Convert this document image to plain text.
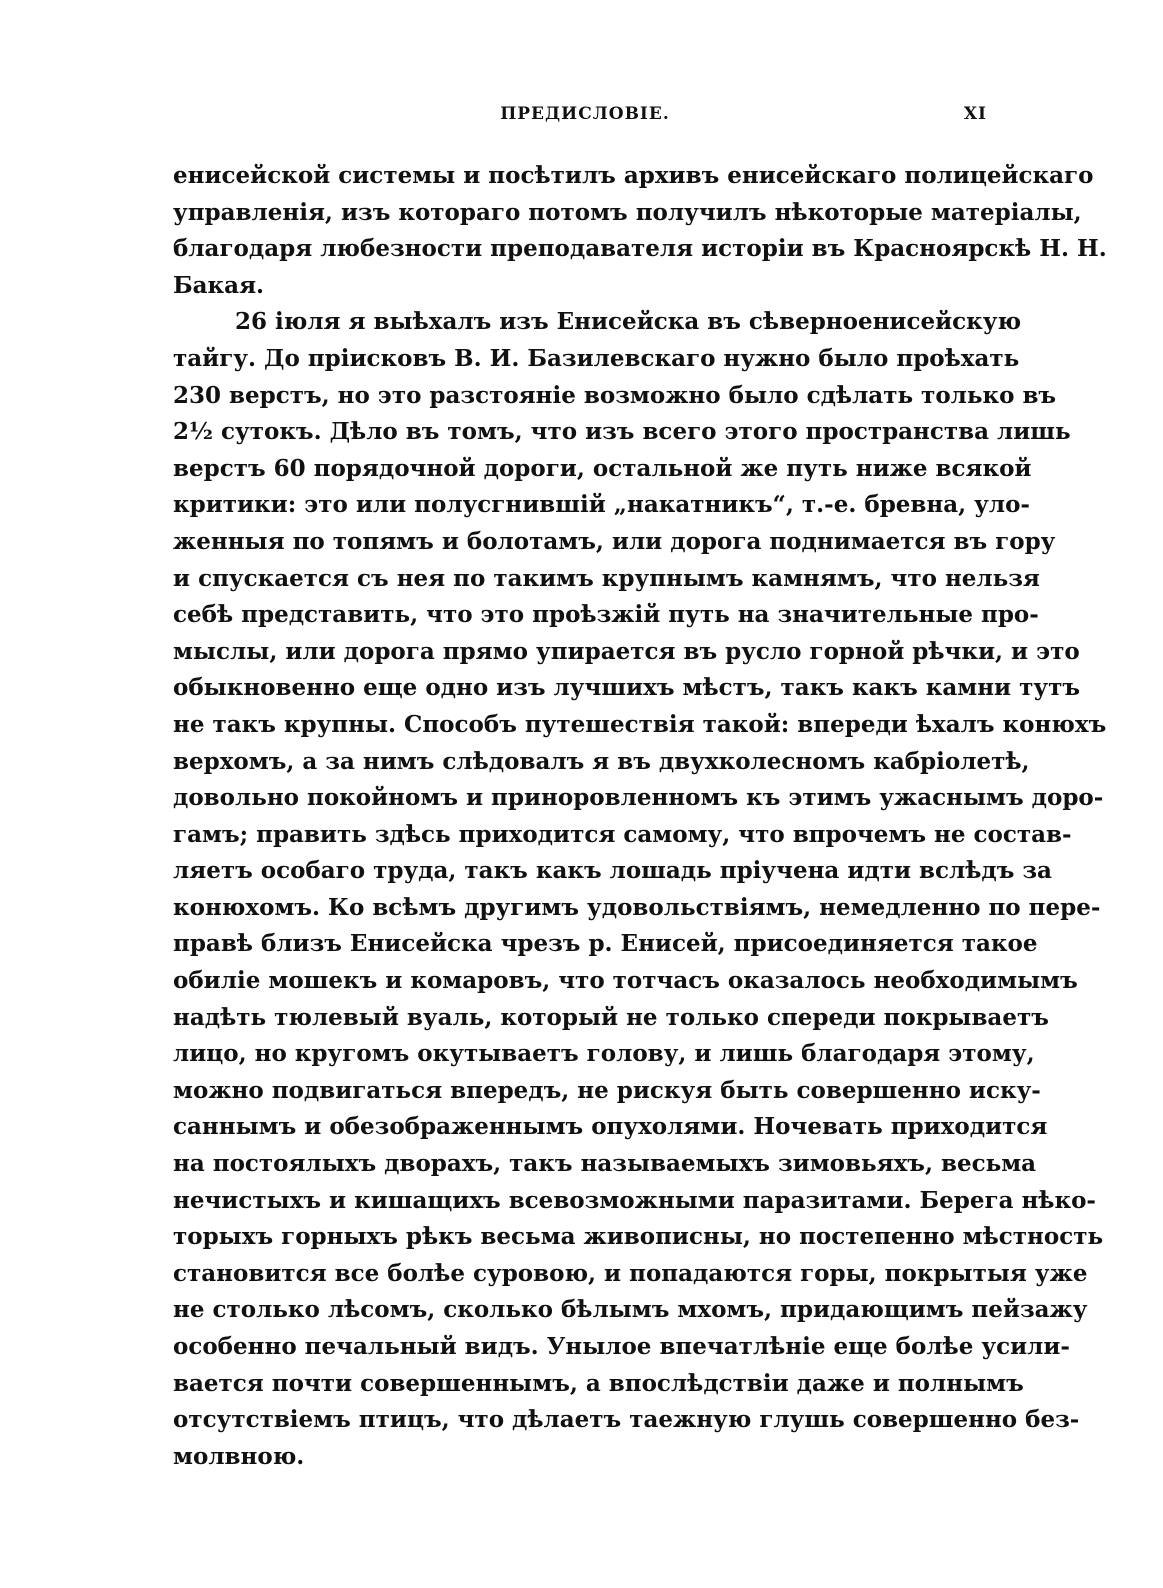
ПРЕДИСЛОВІЕ.	XI
енисейской системы и посѣтилъ архивъ енисейскаго полицейскаго
управленія, изъ котораго потомъ получилъ нѣкоторые матеріалы,
благодаря любезности преподавателя исторіи въ Красноярскѣ Н. Н.
Бакая.
26 іюля я выѣхалъ изъ Енисейска въ сѣверноенисейскую
тайгу. До пріисковъ В. И. Базилевскаго нужно было проѣхать
230 верстъ, но это разстояніе возможно было сдѣлать только въ
2½ сутокъ. Дѣло въ томъ, что изъ всего этого пространства лишь
верстъ 60 порядочной дороги, остальной же путь ниже всякой
критики: это или полусгнившій „накатникъ“, т.-е. бревна, уло-
женныя по топямъ и болотамъ, или дорога поднимается въ гору
и спускается съ нея по такимъ крупнымъ камнямъ, что нельзя
себѣ представить, что это проѣзжій путь на значительные про-
мыслы, или дорога прямо упирается въ русло горной рѣчки, и это
обыкновенно еще одно изъ лучшихъ мѣстъ, такъ какъ камни тутъ
не такъ крупны. Способъ путешествія такой: впереди ѣхалъ конюхъ
верхомъ, а за нимъ слѣдовалъ я въ двухколесномъ кабріолетѣ,
довольно покойномъ и приноровленномъ къ этимъ ужаснымъ доро-
гамъ; править здѣсь приходится самому, что впрочемъ не состав-
ляетъ особаго труда, такъ какъ лошадь пріучена идти вслѣдъ за
конюхомъ. Ко всѣмъ другимъ удовольствіямъ, немедленно по пере-
правѣ близъ Енисейска чрезъ р. Енисей, присоединяется такое
обиліе мошекъ и комаровъ, что тотчасъ оказалось необходимымъ
надѣть тюлевый вуаль, который не только спереди покрываетъ
лицо, но кругомъ окутываетъ голову, и лишь благодаря этому,
можно подвигаться впередъ, не рискуя быть совершенно иску-
саннымъ и обезображеннымъ опухолями. Ночевать приходится
на постоялыхъ дворахъ, такъ называемыхъ зимовьяхъ, весьма
нечистыхъ и кишащихъ всевозможными паразитами. Берега нѣко-
торыхъ горныхъ рѣкъ весьма живописны, но постепенно мѣстность
становится все болѣе суровою, и попадаются горы, покрытыя уже
не столько лѣсомъ, сколько бѣлымъ мхомъ, придающимъ пейзажу
особенно печальный видъ. Унылое впечатлѣніе еще болѣе усили-
вается почти совершеннымъ, а впослѣдствіи даже и полнымъ
отсутствіемъ птицъ, что дѣлаетъ таежную глушь совершенно без-
молвною.
